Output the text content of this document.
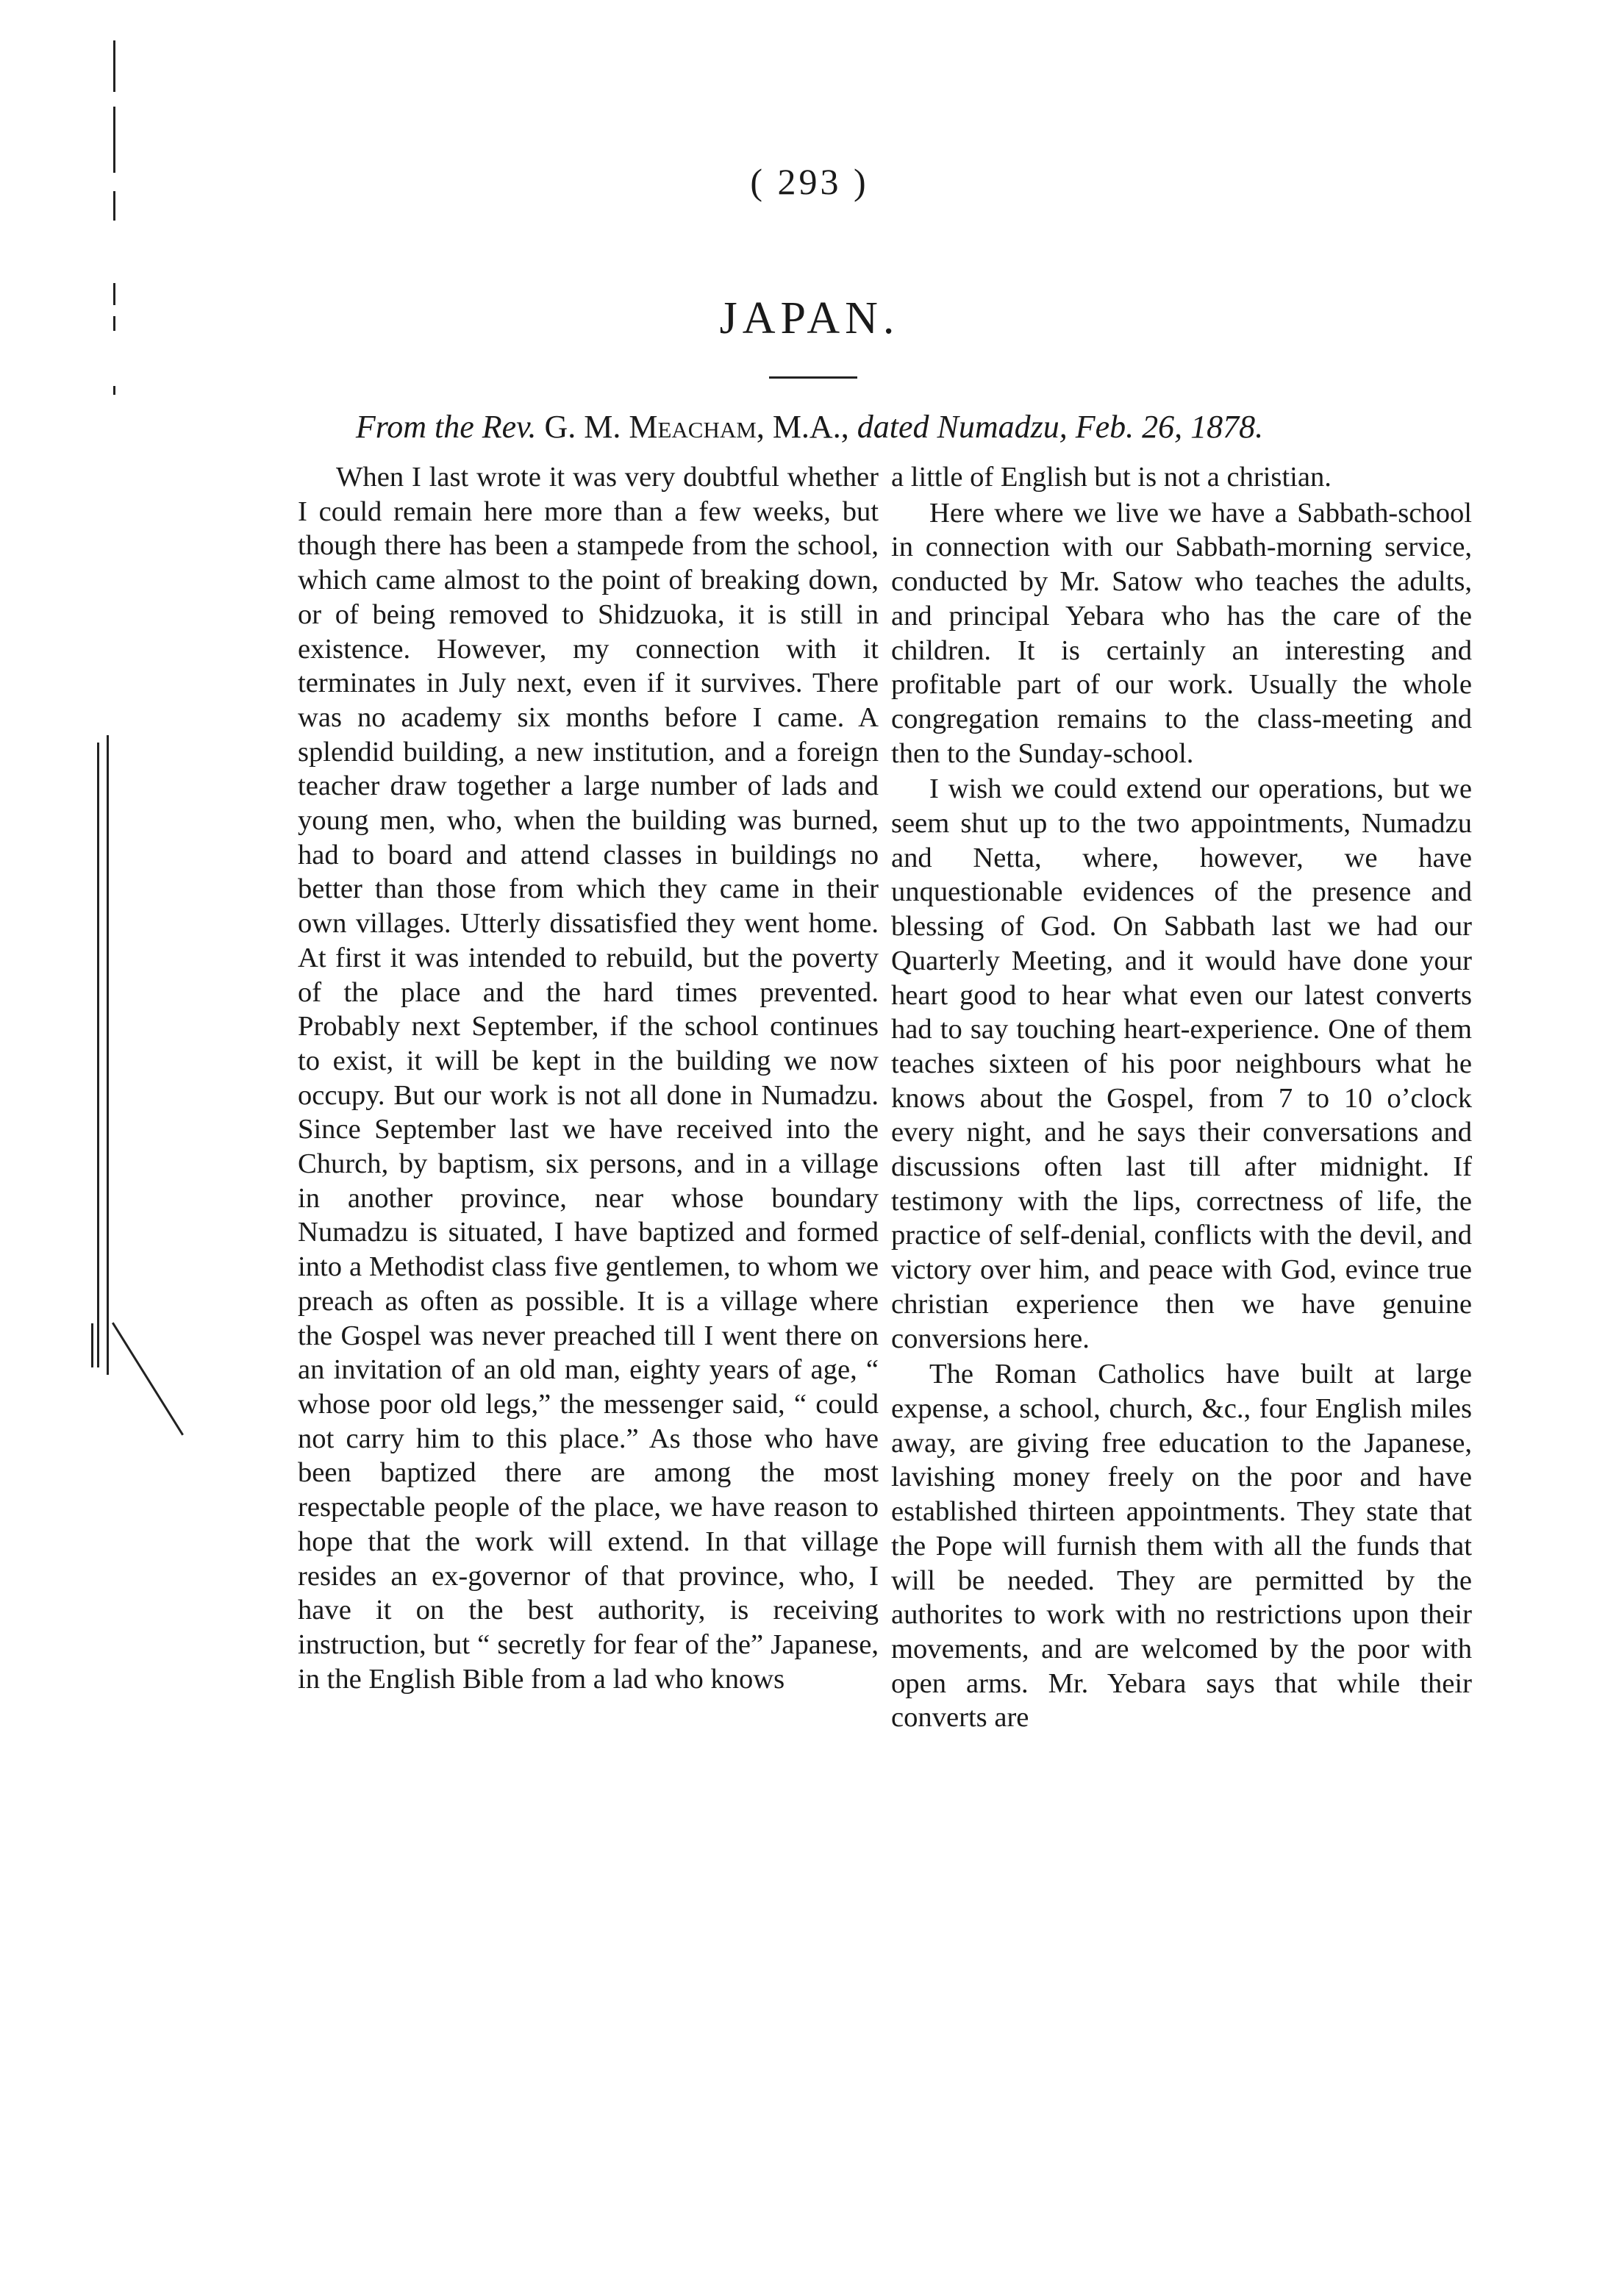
( 293 )
JAPAN.
From the Rev. G. M. Meacham, M.A., dated Numadzu, Feb. 26, 1878.

When I last wrote it was very doubtful whether I could remain here more than a few weeks, but though there has been a stampede from the school, which came almost to the point of breaking down, or of being removed to Shidzuoka, it is still in existence. However, my connection with it terminates in July next, even if it survives. There was no academy six months before I came. A splendid building, a new institution, and a foreign teacher draw together a large number of lads and young men, who, when the building was burned, had to board and attend classes in buildings no better than those from which they came in their own villages. Utterly dissatisfied they went home. At first it was intended to rebuild, but the poverty of the place and the hard times prevented. Probably next September, if the school continues to exist, it will be kept in the building we now occupy. But our work is not all done in Numadzu. Since September last we have received into the Church, by baptism, six persons, and in a village in another province, near whose boundary Numadzu is situated, I have baptized and formed into a Methodist class five gentlemen, to whom we preach as often as possible. It is a village where the Gospel was never preached till I went there on an invitation of an old man, eighty years of age, “ whose poor old legs,” the messenger said, “ could not carry him to this place.” As those who have been baptized there are among the most respectable people of the place, we have reason to hope that the work will extend. In that village resides an ex-governor of that province, who, I have it on the best authority, is receiving instruction, but “ secretly for fear of the” Japanese, in the English Bible from a lad who knows

a little of English but is not a christian.

Here where we live we have a Sabbath-school in connection with our Sabbath-morning service, conducted by Mr. Satow who teaches the adults, and principal Yebara who has the care of the children. It is certainly an interesting and profitable part of our work. Usually the whole congregation remains to the class-meeting and then to the Sunday-school.

I wish we could extend our operations, but we seem shut up to the two appointments, Numadzu and Netta, where, however, we have unquestionable evidences of the presence and blessing of God. On Sabbath last we had our Quarterly Meeting, and it would have done your heart good to hear what even our latest converts had to say touching heart-experience. One of them teaches sixteen of his poor neighbours what he knows about the Gospel, from 7 to 10 o’clock every night, and he says their conversations and discussions often last till after midnight. If testimony with the lips, correctness of life, the practice of self-denial, conflicts with the devil, and victory over him, and peace with God, evince true christian experience then we have genuine conversions here.

The Roman Catholics have built at large expense, a school, church, &c., four English miles away, are giving free education to the Japanese, lavishing money freely on the poor and have established thirteen appointments. They state that the Pope will furnish them with all the funds that will be needed. They are permitted by the authorites to work with no restrictions upon their movements, and are welcomed by the poor with open arms. Mr. Yebara says that while their converts are
